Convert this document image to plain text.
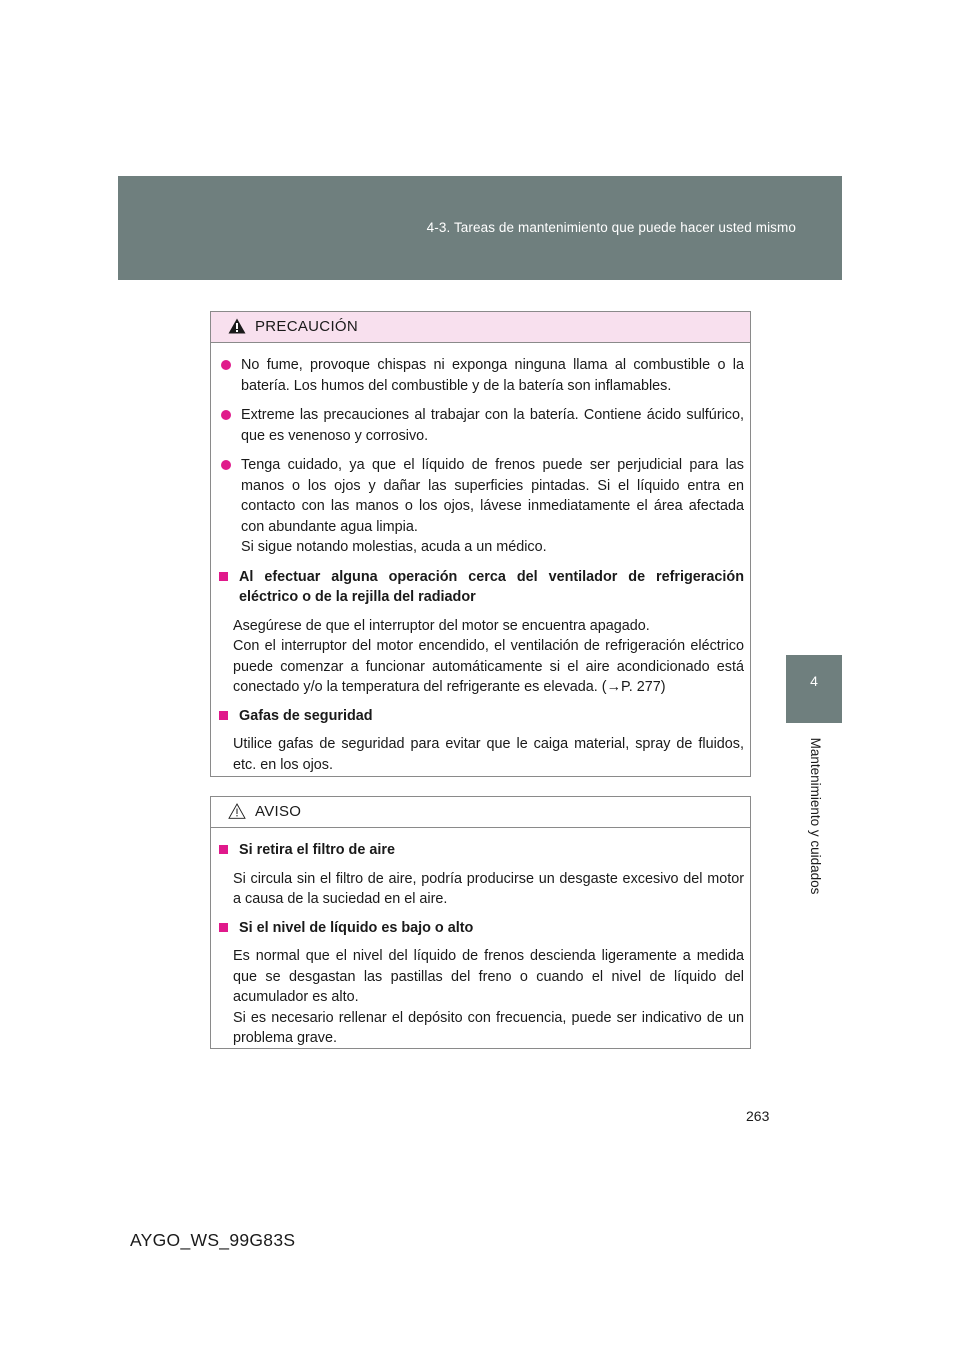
4-3. Tareas de mantenimiento que puede hacer usted mismo
4
Mantenimiento y cuidados
PRECAUCIÓN
No fume, provoque chispas ni exponga ninguna llama al combustible o la batería. Los humos del combustible y de la batería son inflamables.
Extreme las precauciones al trabajar con la batería. Contiene ácido sulfúrico, que es venenoso y corrosivo.
Tenga cuidado, ya que el líquido de frenos puede ser perjudicial para las manos o los ojos y dañar las superficies pintadas. Si el líquido entra en contacto con las manos o los ojos, lávese inmediatamente el área afectada con abundante agua limpia.
Si sigue notando molestias, acuda a un médico.
Al efectuar alguna operación cerca del ventilador de refrigeración eléctrico o de la rejilla del radiador
Asegúrese de que el interruptor del motor se encuentra apagado.
Con el interruptor del motor encendido, el ventilación de refrigeración eléctrico puede comenzar a funcionar automáticamente si el aire acondicionado está conectado y/o la temperatura del refrigerante es elevada. (→P. 277)
Gafas de seguridad
Utilice gafas de seguridad para evitar que le caiga material, spray de fluidos, etc. en los ojos.
AVISO
Si retira el filtro de aire
Si circula sin el filtro de aire, podría producirse un desgaste excesivo del motor a causa de la suciedad en el aire.
Si el nivel de líquido es bajo o alto
Es normal que el nivel del líquido de frenos descienda ligeramente a medida que se desgastan las pastillas del freno o cuando el nivel de líquido del acumulador es alto.
Si es necesario rellenar el depósito con frecuencia, puede ser indicativo de un problema grave.
263
AYGO_WS_99G83S
